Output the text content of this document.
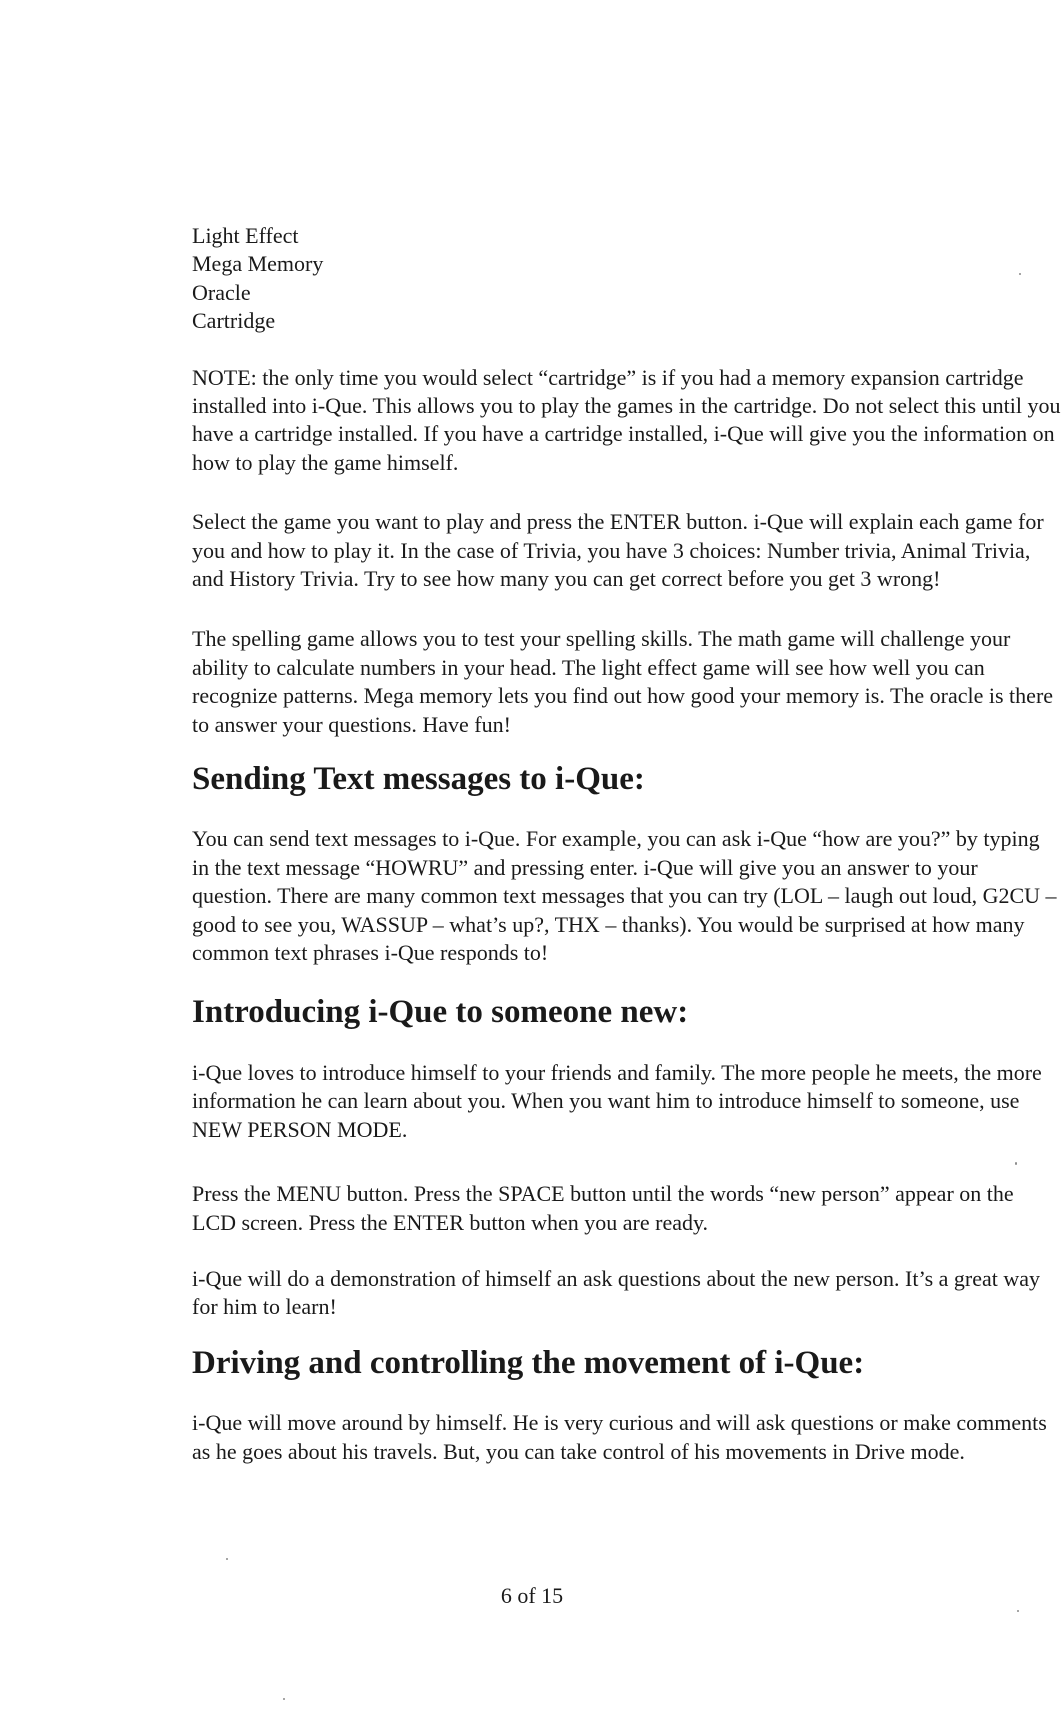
Light Effect
Mega Memory
Oracle
Cartridge

NOTE: the only time you would select “cartridge” is if you had a memory expansion cartridge installed into i-Que. This allows you to play the games in the cartridge. Do not select this until you have a cartridge installed. If you have a cartridge installed, i-Que will give you the information on how to play the game himself.

Select the game you want to play and press the ENTER button. i-Que will explain each game for you and how to play it. In the case of Trivia, you have 3 choices: Number trivia, Animal Trivia, and History Trivia. Try to see how many you can get correct before you get 3 wrong!

The spelling game allows you to test your spelling skills. The math game will challenge your ability to calculate numbers in your head. The light effect game will see how well you can recognize patterns. Mega memory lets you find out how good your memory is. The oracle is there to answer your questions. Have fun!

Sending Text messages to i-Que:

You can send text messages to i-Que. For example, you can ask i-Que “how are you?” by typing in the text message “HOWRU” and pressing enter. i-Que will give you an answer to your question. There are many common text messages that you can try (LOL – laugh out loud, G2CU – good to see you, WASSUP – what’s up?, THX – thanks). You would be surprised at how many common text phrases i-Que responds to!

Introducing i-Que to someone new:

i-Que loves to introduce himself to your friends and family. The more people he meets, the more information he can learn about you. When you want him to introduce himself to someone, use NEW PERSON MODE.

Press the MENU button. Press the SPACE button until the words “new person” appear on the LCD screen. Press the ENTER button when you are ready.

i-Que will do a demonstration of himself an ask questions about the new person. It’s a great way for him to learn!

Driving and controlling the movement of i-Que:

i-Que will move around by himself. He is very curious and will ask questions or make comments as he goes about his travels. But, you can take control of his movements in Drive mode.

6 of 15
